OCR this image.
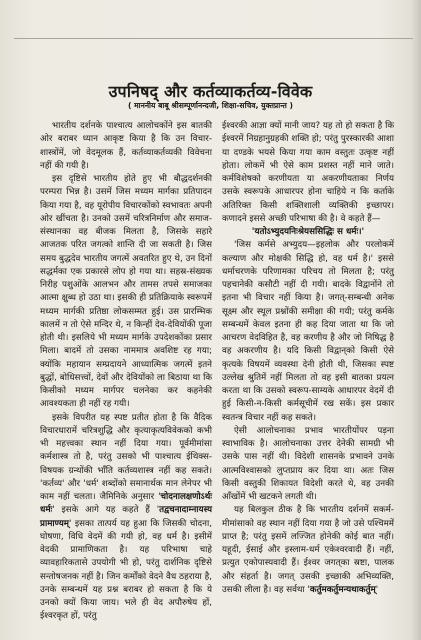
उपनिषद् और कर्तव्याकर्तव्य-विवेक
( माननीय बाबू श्रीसम्पूर्णानन्दजी, शिक्षा-सचिव, युक्तप्रान्त )

भारतीय दर्शनके पाश्चात्य आलोचकोंने इस बातकी ओर बराबर ध्यान आकृष्ट किया है कि उन विचार-शास्त्रोंमें, जो वेदमूलक हैं, कर्तव्याकर्तव्यकी विवेचना नहीं की गयी है।

इस दृष्टिसे भारतीय होते हुए भी बौद्धदर्शनकी परम्परा भिन्न है। उसमें जिस मध्यम मार्गका प्रतिपादन किया गया है, वह यूरोपीय विचारकोंको स्वभावतः अपनी ओर खींचता है। उनको उसमें चरित्रनिर्माण और समाज-संस्थानका वह बीजक मिलता है, जिसके सहारे आजतक परित जगत्को शान्ति दी जा सकती है। जिस समय बुद्धदेव भारतीय जगत्में अवतरित हुए थे, उन दिनों सद्धर्मका एक प्रकारसे लोप हो गया था। सहस्र-संख्यक निरीह पशुओंके आलभन और तामस तपसे समाजका आत्मा क्षुब्ध हो उठा था। इसकी ही प्रतिक्रियाके स्वरूपमें मध्यम मार्गकी प्रतिष्ठा लोकसम्मत हुई। उस प्रारम्भिक कालमें न तो ऐसे मन्दिर थे, न किन्हीं देव-देवियोंकी पूजा होती थी। इसलिये भी मध्यम मार्गके उपदेशकोंका प्रसार मिला। बादमें तो उसका नाममात्र अवशिष्ट रह गया; क्योंकि महायान सम्प्रदायने आध्यात्मिक जगत्में इतने बुद्धों, बोधिसत्त्वों, देवों और देवियोंको ला बिठाया था कि किसीको मध्यम मार्गपर चलनेका कर कहनेकी आवश्यकता ही नहीं रह गयी।

इसके विपरीत यह स्पष्ट प्रतीत होता है कि वैदिक विचारधारामें चरित्रशुद्धि और कृत्याकृत्यविवेकको कभी भी महत्त्वका स्थान नहीं दिया गया। पूर्वमीमांसा कर्मशास्त्र तो है, परंतु उसको भी पाश्चात्य ईथिक्स-विषयक ग्रन्थोंकी भाँति कर्तव्यशास्त्र नहीं कह सकते। 'कर्तव्य' और 'धर्म' शब्दोंको समानार्थक मान लेनेपर भी काम नहीं चलता। जैमिनिके अनुसार 'चोदनालक्षणोऽर्थः धर्मः' इसके आगे यह कहते हैं 'तद्वचनादाम्नायस्य प्रामाण्यम्' इसका तात्पर्य यह हुआ कि जिसकी चोदना, घोषणा, विधि वेदमें की गयी हो, वह धर्म है। इसीमें वेदकी प्रामाणिकता है। यह परिभाषा चाहे व्यावहारिकतासे उपयोगी भी हो, परंतु दार्शनिक दृष्टिसे सन्तोषजनक नहीं है। जिन कर्मोंको वेदने वैध ठहराया है, उनके सम्बन्धमें यह प्रश्न बराबर हो सकता है कि ये उनको क्यों किया जाय। भले ही वेद अपौरुषेय हों, ईश्वरकृत हों, परंतु

ईश्वरकी आज्ञा क्यों मानी जाय? यह तो हो सकता है कि ईश्वरमें निग्रहानुग्रहकी शक्ति हो; परंतु पुरस्कारकी आशा या दण्डके भयसे किया गया काम वस्तुतः उत्कृष्ट नहीं होता। लोकमें भी ऐसे काम प्रशस्त नहीं माने जाते। कर्मविशेषको करणीयता या अकरणीयताका निर्णय उसके स्वरूपके आधारपर होना चाहिये न कि कर्ताके अतिरिक्त किसी शक्तिशाली व्यक्तिकी इच्छापर। कणादने इससे अच्छी परिभाषा की है। वे कहते हैं—

'यतोऽभ्युदयनिःश्रेयससिद्धिः स धर्मः।'

'जिस कर्मसे अभ्युदय—इहलोक और परलोकमें कल्याण और मोक्षकी सिद्धि हो, वह धर्म है।' इससे धर्माचरणके परिणामका परिचय तो मिलता है; परंतु पहचानेकी कसौटी नहीं दी गयी। बादके विद्वानोंने तो इतना भी विचार नहीं किया है। जगत्-सम्बन्धी अनेक सूक्ष्म और स्थूल प्रश्नोंकी समीक्षा की गयी; परंतु कर्मके सम्बन्धमें केवल इतना ही कह दिया जाता था कि जो आचरण वेदविहित है, वह करणीय है और जो निषिद्ध है वह अकरणीय है। यदि किसी विद्वान्‌को किसी ऐसे कृत्यके विषयमें व्यवस्था देनी होती थी, जिसका स्पष्ट उल्लेख श्रुतिमें नहीं मिलता तो वह इसी बातका प्रयत्न करता था कि उसको स्वरूप-साम्यके आधारपर वेदमें दी हुई किसी-न-किसी कर्मसूचीमें रख सकें। इस प्रकार स्वतन्त्र विचार नहीं कह सकते।

ऐसी आलोचनाका प्रभाव भारतीयोंपर पड़ना स्वाभाविक है। आलोचनाका उत्तर देनेकी सामग्री भी उसके पास नहीं थी। विदेशी शासनके प्रभावने उनके आत्मविश्वासको लुप्तप्राय कर दिया था। अतः जिस किसी वस्तुकी शिकायत विदेशी करते थे, वह उनकी आँखोंमें भी खटकने लगती थी।

यह बिलकुल ठीक है कि भारतीय दर्शनमें सकर्म-मीमांसाको वह स्थान नहीं दिया गया है जो उसे पश्चिममें प्राप्त है; परंतु इसमें लज्जित होनेकी कोई बात नहीं। यहूदी, ईसाई और इस्लाम-धर्म एकेश्वरवादी हैं। नहीं, प्रत्युत एकोपास्यवादी हैं। ईश्वर जगत्‌का स्रष्टा, पालक और संहर्ता है। जगत् उसकी इच्छाकी अभिव्यक्ति, उसकी लीला है। वह सर्वथा 'कर्तुमकर्तुमन्यथाकर्तुम्'
